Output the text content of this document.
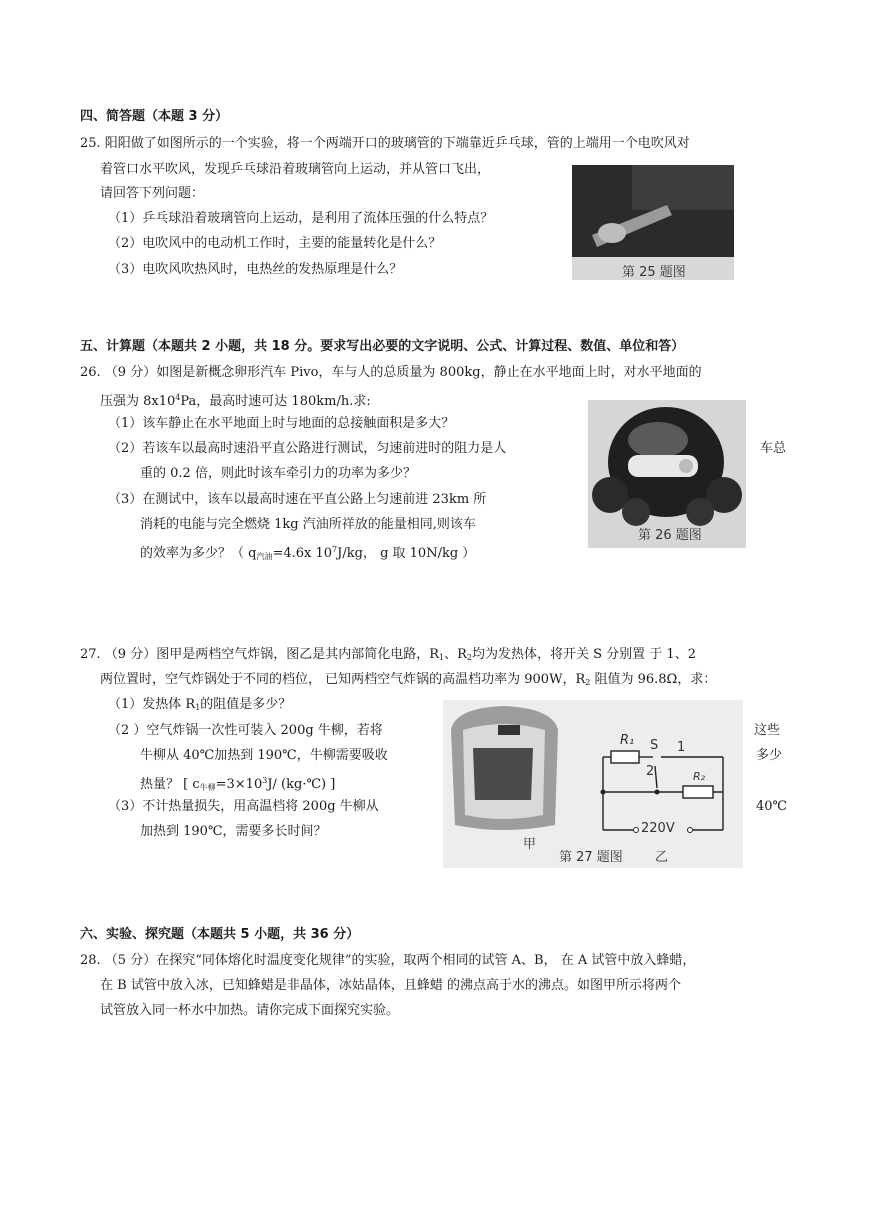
四、简答题（本题 3 分）
25. 阳阳做了如图所示的一个实验，将一个两端开口的玻璃管的下端靠近乒乓球，管的上端用一个电吹风对
着管口水平吹风，发现乒乓球沿着玻璃管向上运动，并从管口飞出，
请回答下列问题：
（1）乒乓球沿着玻璃管向上运动，是利用了流体压强的什么特点？
（2）电吹风中的电动机工作时，主要的能量转化是什么？
（3）电吹风吹热风时，电热丝的发热原理是什么？	第 25 题图
五、计算题（本题共 2 小题，共 18 分。要求写出必要的文字说明、公式、计算过程、数值、单位和答）
26. （9 分）如图是新概念卵形汽车 Pivo，车与人的总质量为 800kg，静止在水平地面上时，对水平地面的
压强为 $8x10^4Pa$，最高时速可达 180km/h.求:
（1）该车静止在水平地面上时与地面的总接触面积是多大？
（2）若该车以最高时速沿平直公路进行测试，匀速前进时的阻力是人	车总
重的 0.2 倍，则此时该车牵引力的功率为多少？
（3）在测试中，该车以最高时速在平直公路上匀速前进 23km 所
消耗的电能与完全燃烧 1kg 汽油所祥放的能量相同,则该车
的效率为多少？（ $q_{汽油}=4.6x$ $10^7J/kg$， g 取 10N/kg ）
第 26 题图
27. （9 分）图甲是两档空气炸锅，图乙是其内部简化电路，$R_1$、$R_2$均为发热体，将开关 S 分别置 于 1、2
两位置时，空气炸锅处于不同的档位， 已知两档空气炸锅的高温档功率为 900W，$R_2$ 阻值为 96.8Ω，求：
（1）发热体 $R_1$的阻值是多少？
（2 ）空气炸锅一次性可装入 200g 牛柳，若将	这些
牛柳从 40℃加热到 190℃，牛柳需要吸收	多少
热量？ [ $c_{牛柳}=3\times 10^3J/$ (kg·℃) ]
（3）不计热量损失，用高温档将 200g 牛柳从	40℃
加热到 190℃，需要多长时间？
R₁ S 1
2	R₂
220V
甲
第 27 题图 乙
六、实验、探究题（本题共 5 小题，共 36 分）
28. （5 分）在探究“同体熔化时温度变化规律”的实验，取两个相同的试管 A、B， 在 A 试管中放入蜂蜡，
在 B 试管中放入冰，已知蜂蜡是非晶体，冰姑晶体，且蜂蜡 的沸点高于水的沸点。如图甲所示将两个
试管放入同一杯水中加热。请你完成下面探究实验。
